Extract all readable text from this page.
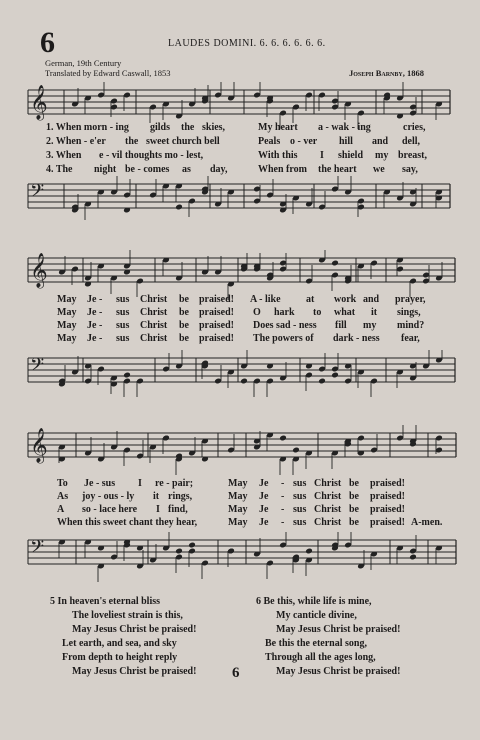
6	LAUDES DOMINI. 6. 6. 6. 6. 6. 6.
German, 19th Century
Translated by Edward Caswall, 1853	Joseph Barnby, 1868
𝄞
𝄢
𝄞
𝄢
𝄞
𝄢
1. When morn - ing gilds the skies,	My heart a - wak - ing	cries,
2. When - e'er the sweet church bell	Peals o - ver hill and dell,
3. When e - vil thoughts mo - lest,	With this I shield my breast,
4. The night be - comes as day,	When from the heart we say,
May Je - sus Christ be praised! A - like	at work and prayer,
May Je - sus Christ be praised! O hark to what it sings,
May Je - sus Christ be praised! Does sad - ness fill my mind?
May Je - sus Christ be praised! The powers of dark - ness fear,
To Je - sus I re - pair;	May Je - sus Christ be praised!
As joy - ous - ly it rings,	May Je - sus Christ be praised!
A so - lace here I find,	May Je - sus Christ be praised!
When this sweet chant they hear,	May Je - sus Christ be praised! A-men.
5 In heaven's eternal bliss
The loveliest strain is this,
May Jesus Christ be praised!
Let earth, and sea, and sky
From depth to height reply
May Jesus Christ be praised!
6 Be this, while life is mine,
My canticle divine,
May Jesus Christ be praised!
Be this the eternal song,
Through all the ages long,
May Jesus Christ be praised!
6
